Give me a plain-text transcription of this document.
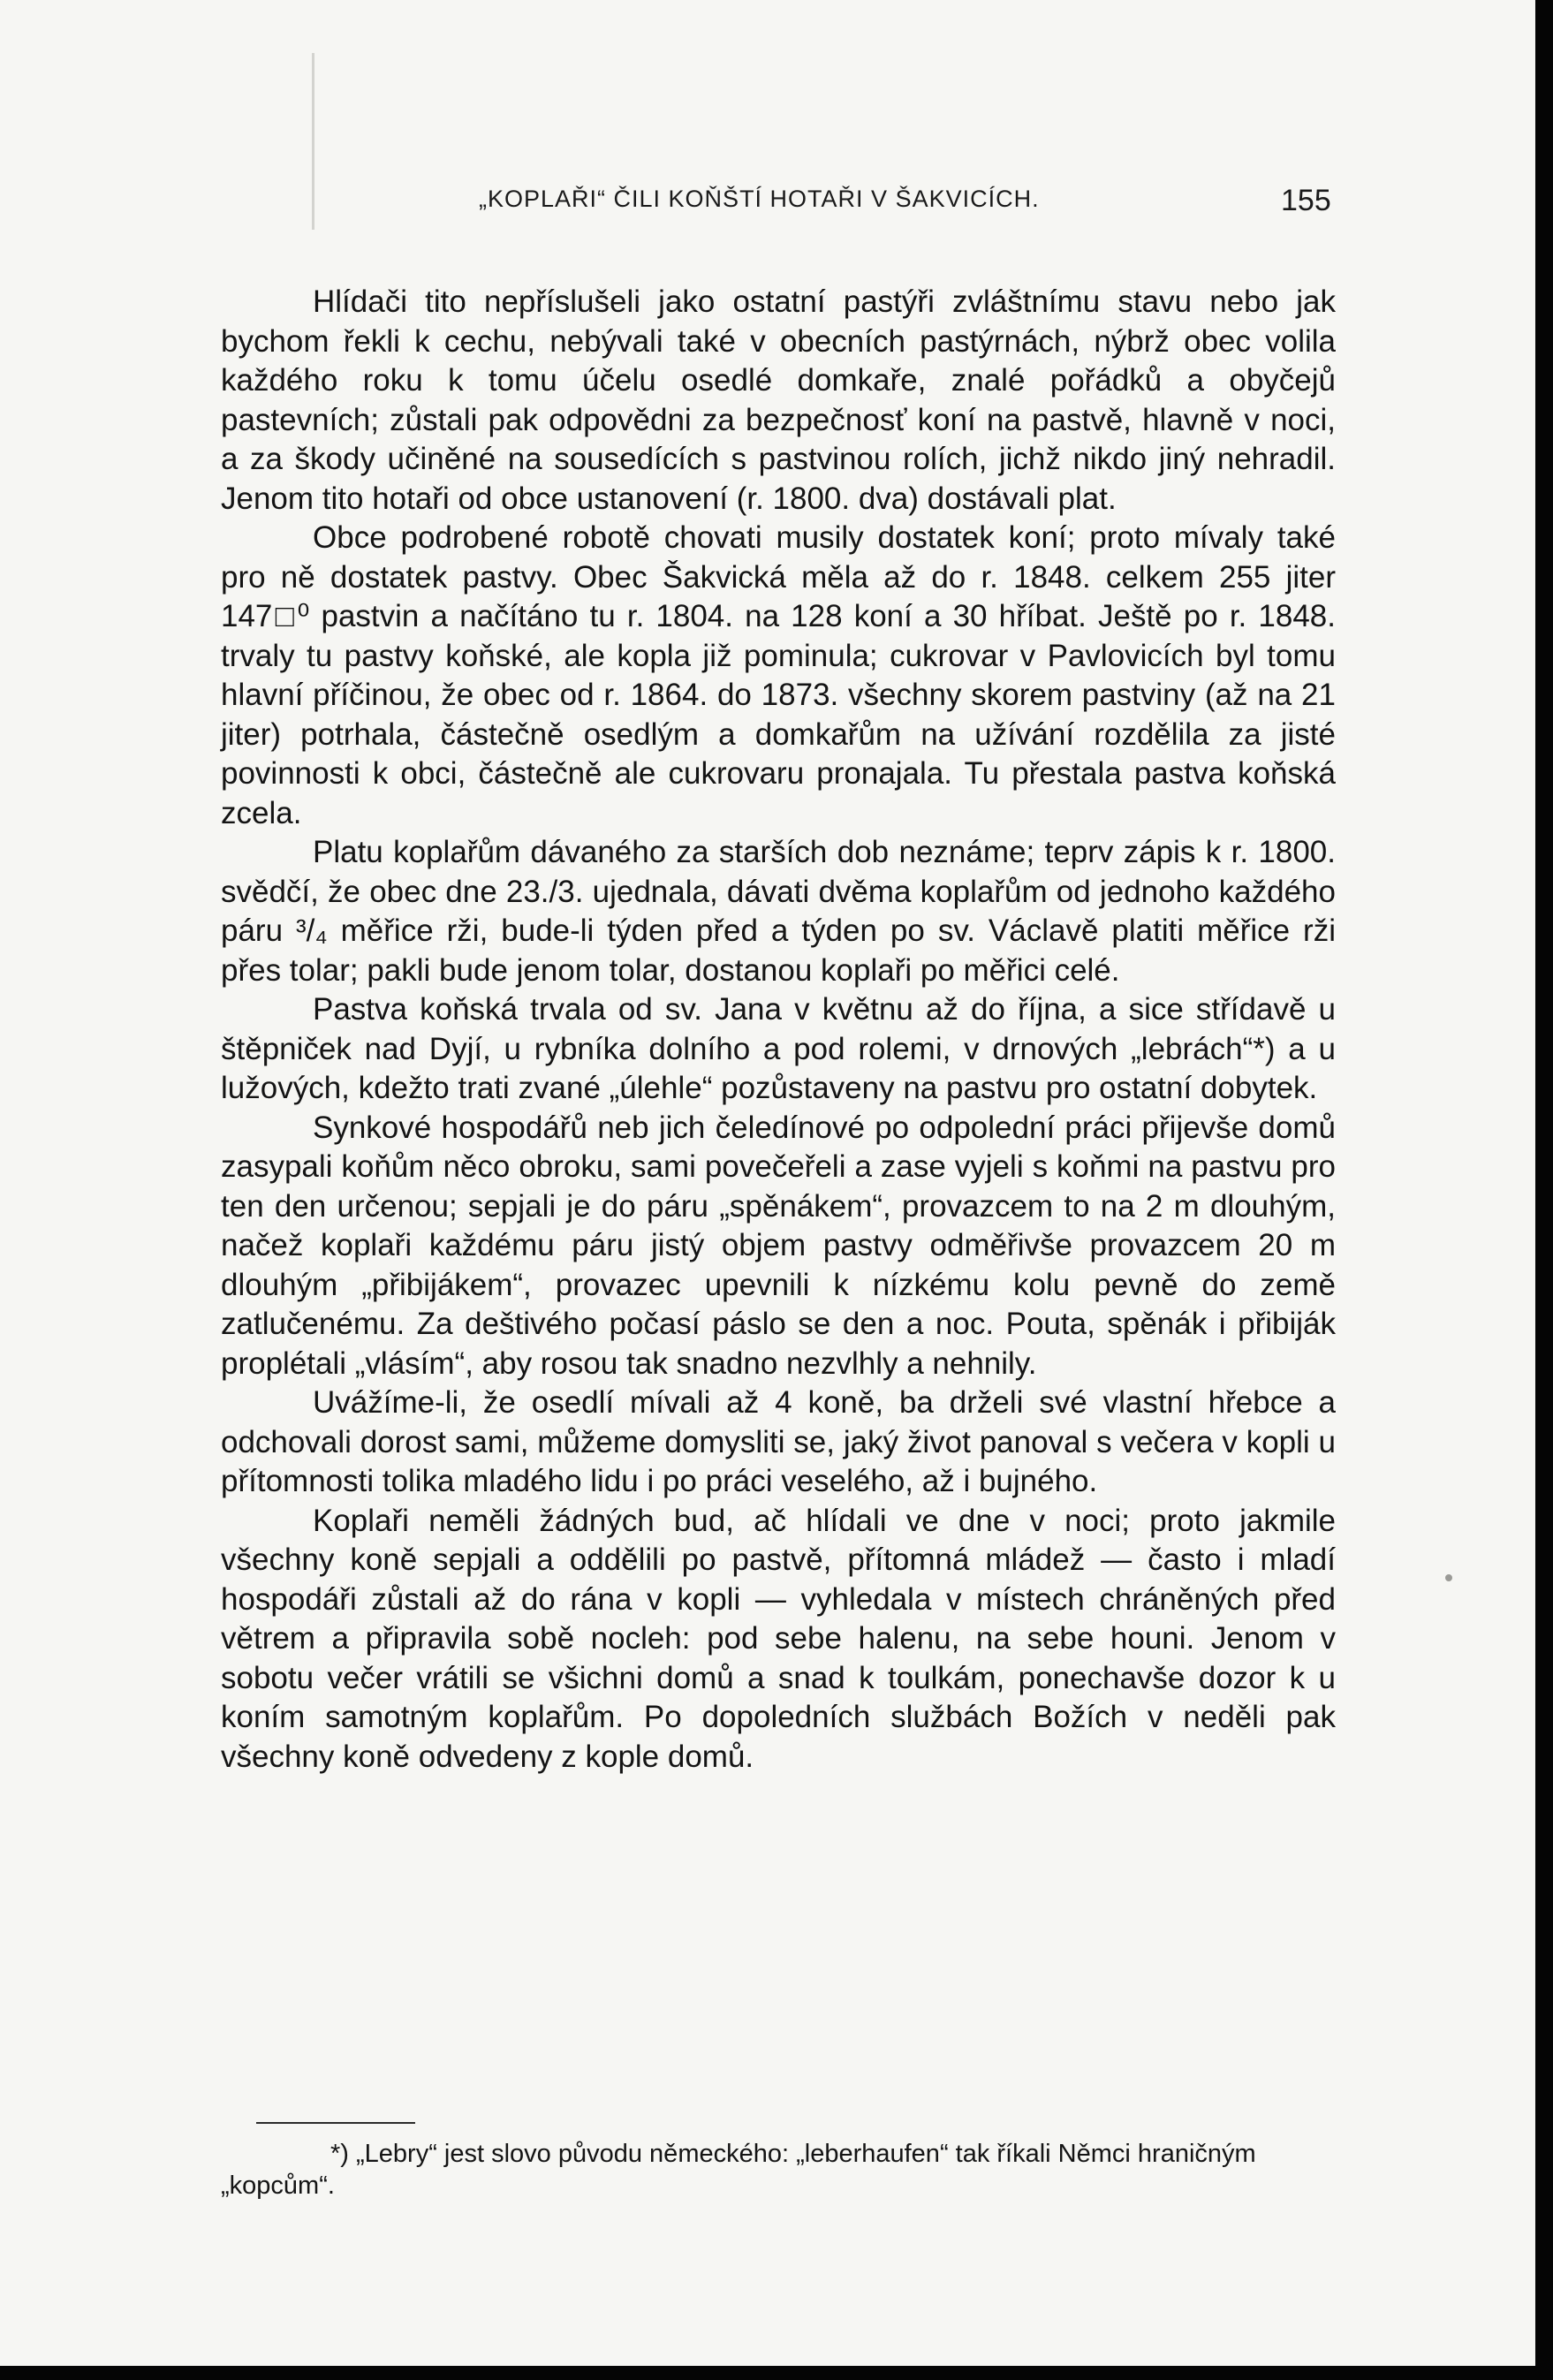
„KOPLAŘI“ ČILI KOŇŠTÍ HOTAŘI V ŠAKVICÍCH.	155

Hlídači tito nepříslušeli jako ostatní pastýři zvláštnímu stavu nebo jak bychom řekli k cechu, nebývali také v obecních pastýrnách, nýbrž obec volila každého roku k tomu účelu osedlé domkaře, znalé pořádků a obyčejů pastevních; zůstali pak odpovědni za bezpečnosť koní na pastvě, hlavně v noci, a za škody učiněné na sousedících s pastvinou rolích, jichž nikdo jiný nehradil. Jenom tito hotaři od obce ustanovení (r. 1800. dva) dostávali plat.

Obce podrobené robotě chovati musily dostatek koní; proto mívaly také pro ně dostatek pastvy. Obec Šakvická měla až do r. 1848. celkem 255 jiter 147□⁰ pastvin a načítáno tu r. 1804. na 128 koní a 30 hříbat. Ještě po r. 1848. trvaly tu pastvy koňské, ale kopla již pominula; cukrovar v Pavlovicích byl tomu hlavní příčinou, že obec od r. 1864. do 1873. všechny skorem pastviny (až na 21 jiter) potrhala, částečně osedlým a domkařům na užívání rozdělila za jisté povinnosti k obci, částečně ale cukrovaru pronajala. Tu přestala pastva koňská zcela.

Platu koplařům dávaného za starších dob neznáme; teprv zápis k r. 1800. svědčí, že obec dne 23./3. ujednala, dávati dvěma koplařům od jednoho každého páru ³/₄ měřice rži, bude-li týden před a týden po sv. Václavě platiti měřice rži přes tolar; pakli bude jenom tolar, dostanou koplaři po měřici celé.

Pastva koňská trvala od sv. Jana v květnu až do října, a sice střídavě u štěpniček nad Dyjí, u rybníka dolního a pod rolemi, v drnových „lebrách“*) a u lužových, kdežto trati zvané „úlehle“ pozůstaveny na pastvu pro ostatní dobytek.

Synkové hospodářů neb jich čeledínové po odpolední práci přijevše domů zasypali koňům něco obroku, sami povečeřeli a zase vyjeli s koňmi na pastvu pro ten den určenou; sepjali je do páru „spěnákem“, provazcem to na 2 m dlouhým, načež koplaři každému páru jistý objem pastvy odměřivše provazcem 20 m dlouhým „přibijákem“, provazec upevnili k nízkému kolu pevně do země zatlučenému. Za deštivého počasí páslo se den a noc. Pouta, spěnák i přibiják proplétali „vlásím“, aby rosou tak snadno nezvlhly a nehnily.

Uvážíme-li, že osedlí mívali až 4 koně, ba drželi své vlastní hřebce a odchovali dorost sami, můžeme domysliti se, jaký život panoval s večera v kopli u přítomnosti tolika mladého lidu i po práci veselého, až i bujného.

Koplaři neměli žádných bud, ač hlídali ve dne v noci; proto jakmile všechny koně sepjali a oddělili po pastvě, přítomná mládež — často i mladí hospodáři zůstali až do rána v kopli — vyhledala v místech chráněných před větrem a připravila sobě nocleh: pod sebe halenu, na sebe houni. Jenom v sobotu večer vrátili se všichni domů a snad k toulkám, ponechavše dozor k u koním samotným koplařům. Po dopoledních službách Božích v neděli pak všechny koně odvedeny z kople domů.

*) „Lebry“ jest slovo původu německého: „leberhaufen“ tak říkali Němci hraničným „kopcům“.
